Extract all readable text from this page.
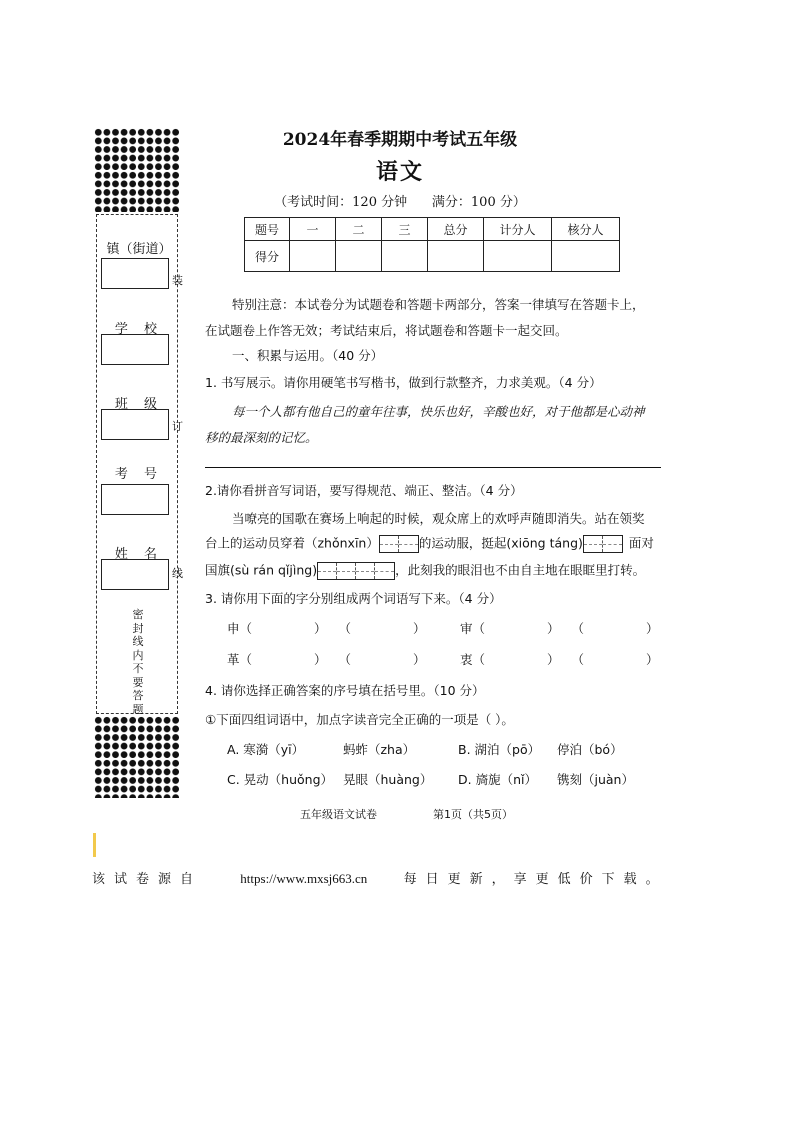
镇（街道）
装
学 校
班 级
订
考 号
姓 名
线
密封线内不要答题
2024年春季期期中考试五年级
语文
（考试时间：120 分钟      满分：100 分）
题号	一	二	三	总分	计分人	核分人
得分						
特别注意：本试卷分为试题卷和答题卡两部分，答案一律填写在答题卡上，
在试题卷上作答无效；考试结束后，将试题卷和答题卡一起交回。
一、积累与运用。（40 分）
1. 书写展示。请你用硬笔书写楷书，做到行款整齐，力求美观。（4 分）
每一个人都有他自己的童年往事，快乐也好，辛酸也好，对于他都是心动神
移的最深刻的记忆。
2.请你看拼音写词语，要写得规范、端正、整洁。（4 分）
当嘹亮的国歌在赛场上响起的时候，观众席上的欢呼声随即消失。站在领奖
台上的运动员穿着（zhǒnxīn）	的运动服，挺起(xiōng táng)	面对
国旗(sù rán qǐjìng)	，此刻我的眼泪也不由自主地在眼眶里打转。
3. 请你用下面的字分别组成两个词语写下来。（4 分）
申（	）   （	）	审（	）   （	）
革（	）   （	）	衷（	）   （	）
4. 请你选择正确答案的序号填在括号里。（10 分）
①下面四组词语中，加点字读音完全正确的一项是（ ）。
A. 寒漪（yī）	蚂蚱（zha）	B. 湖泊（pō） 停泊（bó）
C. 晃动（huǒng） 晃眼（huàng） D. 旖旎（nǐ） 镌刻（juàn）
五年级语文试卷	第1页（共5页）
该试卷源自	https://www.mxsj663.cn	每日更新，享更低价下载。
